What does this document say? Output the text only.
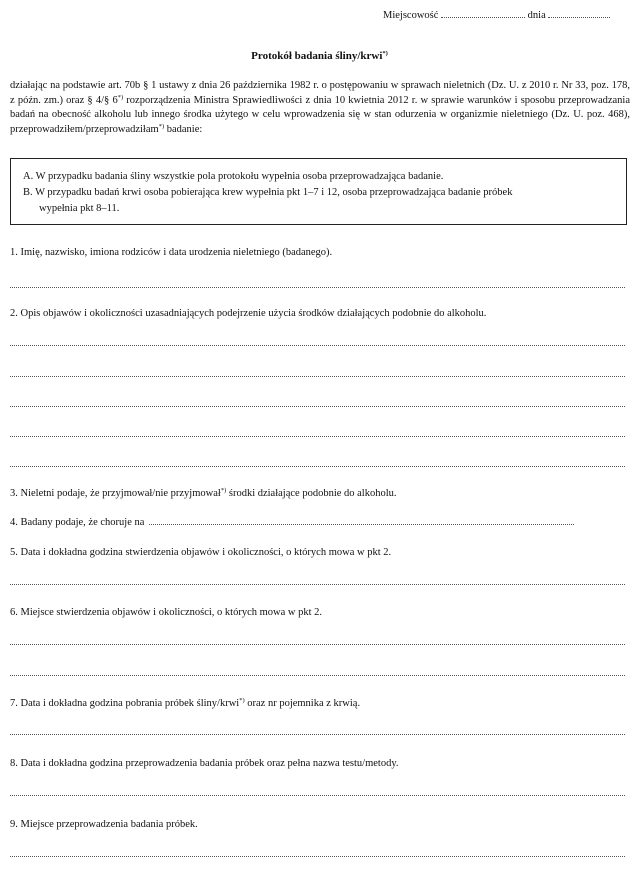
Miejscowość	dnia
Protokół badania śliny/krwi*)
działając na podstawie art. 70b § 1 ustawy z dnia 26 października 1982 r. o postępowaniu w sprawach nieletnich (Dz. U. z 2010 r. Nr 33, poz. 178, z późn. zm.) oraz § 4/§ 6*) rozporządzenia Ministra Sprawiedliwości z dnia 10 kwietnia 2012 r. w sprawie warunków i sposobu przeprowadzania badań na obecność alkoholu lub innego środka użytego w celu wprowadzenia się w stan odurzenia w organizmie nieletniego (Dz. U. poz. 468), przeprowadziłem/przeprowadziłam*) badanie:
A. W przypadku badania śliny wszystkie pola protokołu wypełnia osoba przeprowadzająca badanie.
B. W przypadku badań krwi osoba pobierająca krew wypełnia pkt 1–7 i 12, osoba przeprowadzająca badanie próbek
wypełnia pkt 8–11.
1. Imię, nazwisko, imiona rodziców i data urodzenia nieletniego (badanego).
2. Opis objawów i okoliczności uzasadniających podejrzenie użycia środków działających podobnie do alkoholu.
3. Nieletni podaje, że przyjmował/nie przyjmował*) środki działające podobnie do alkoholu.
4. Badany podaje, że choruje na
5. Data i dokładna godzina stwierdzenia objawów i okoliczności, o których mowa w pkt 2.
6. Miejsce stwierdzenia objawów i okoliczności, o których mowa w pkt 2.
7. Data i dokładna godzina pobrania próbek śliny/krwi*) oraz nr pojemnika z krwią.
8. Data i dokładna godzina przeprowadzenia badania próbek oraz pełna nazwa testu/metody.
9. Miejsce przeprowadzenia badania próbek.
